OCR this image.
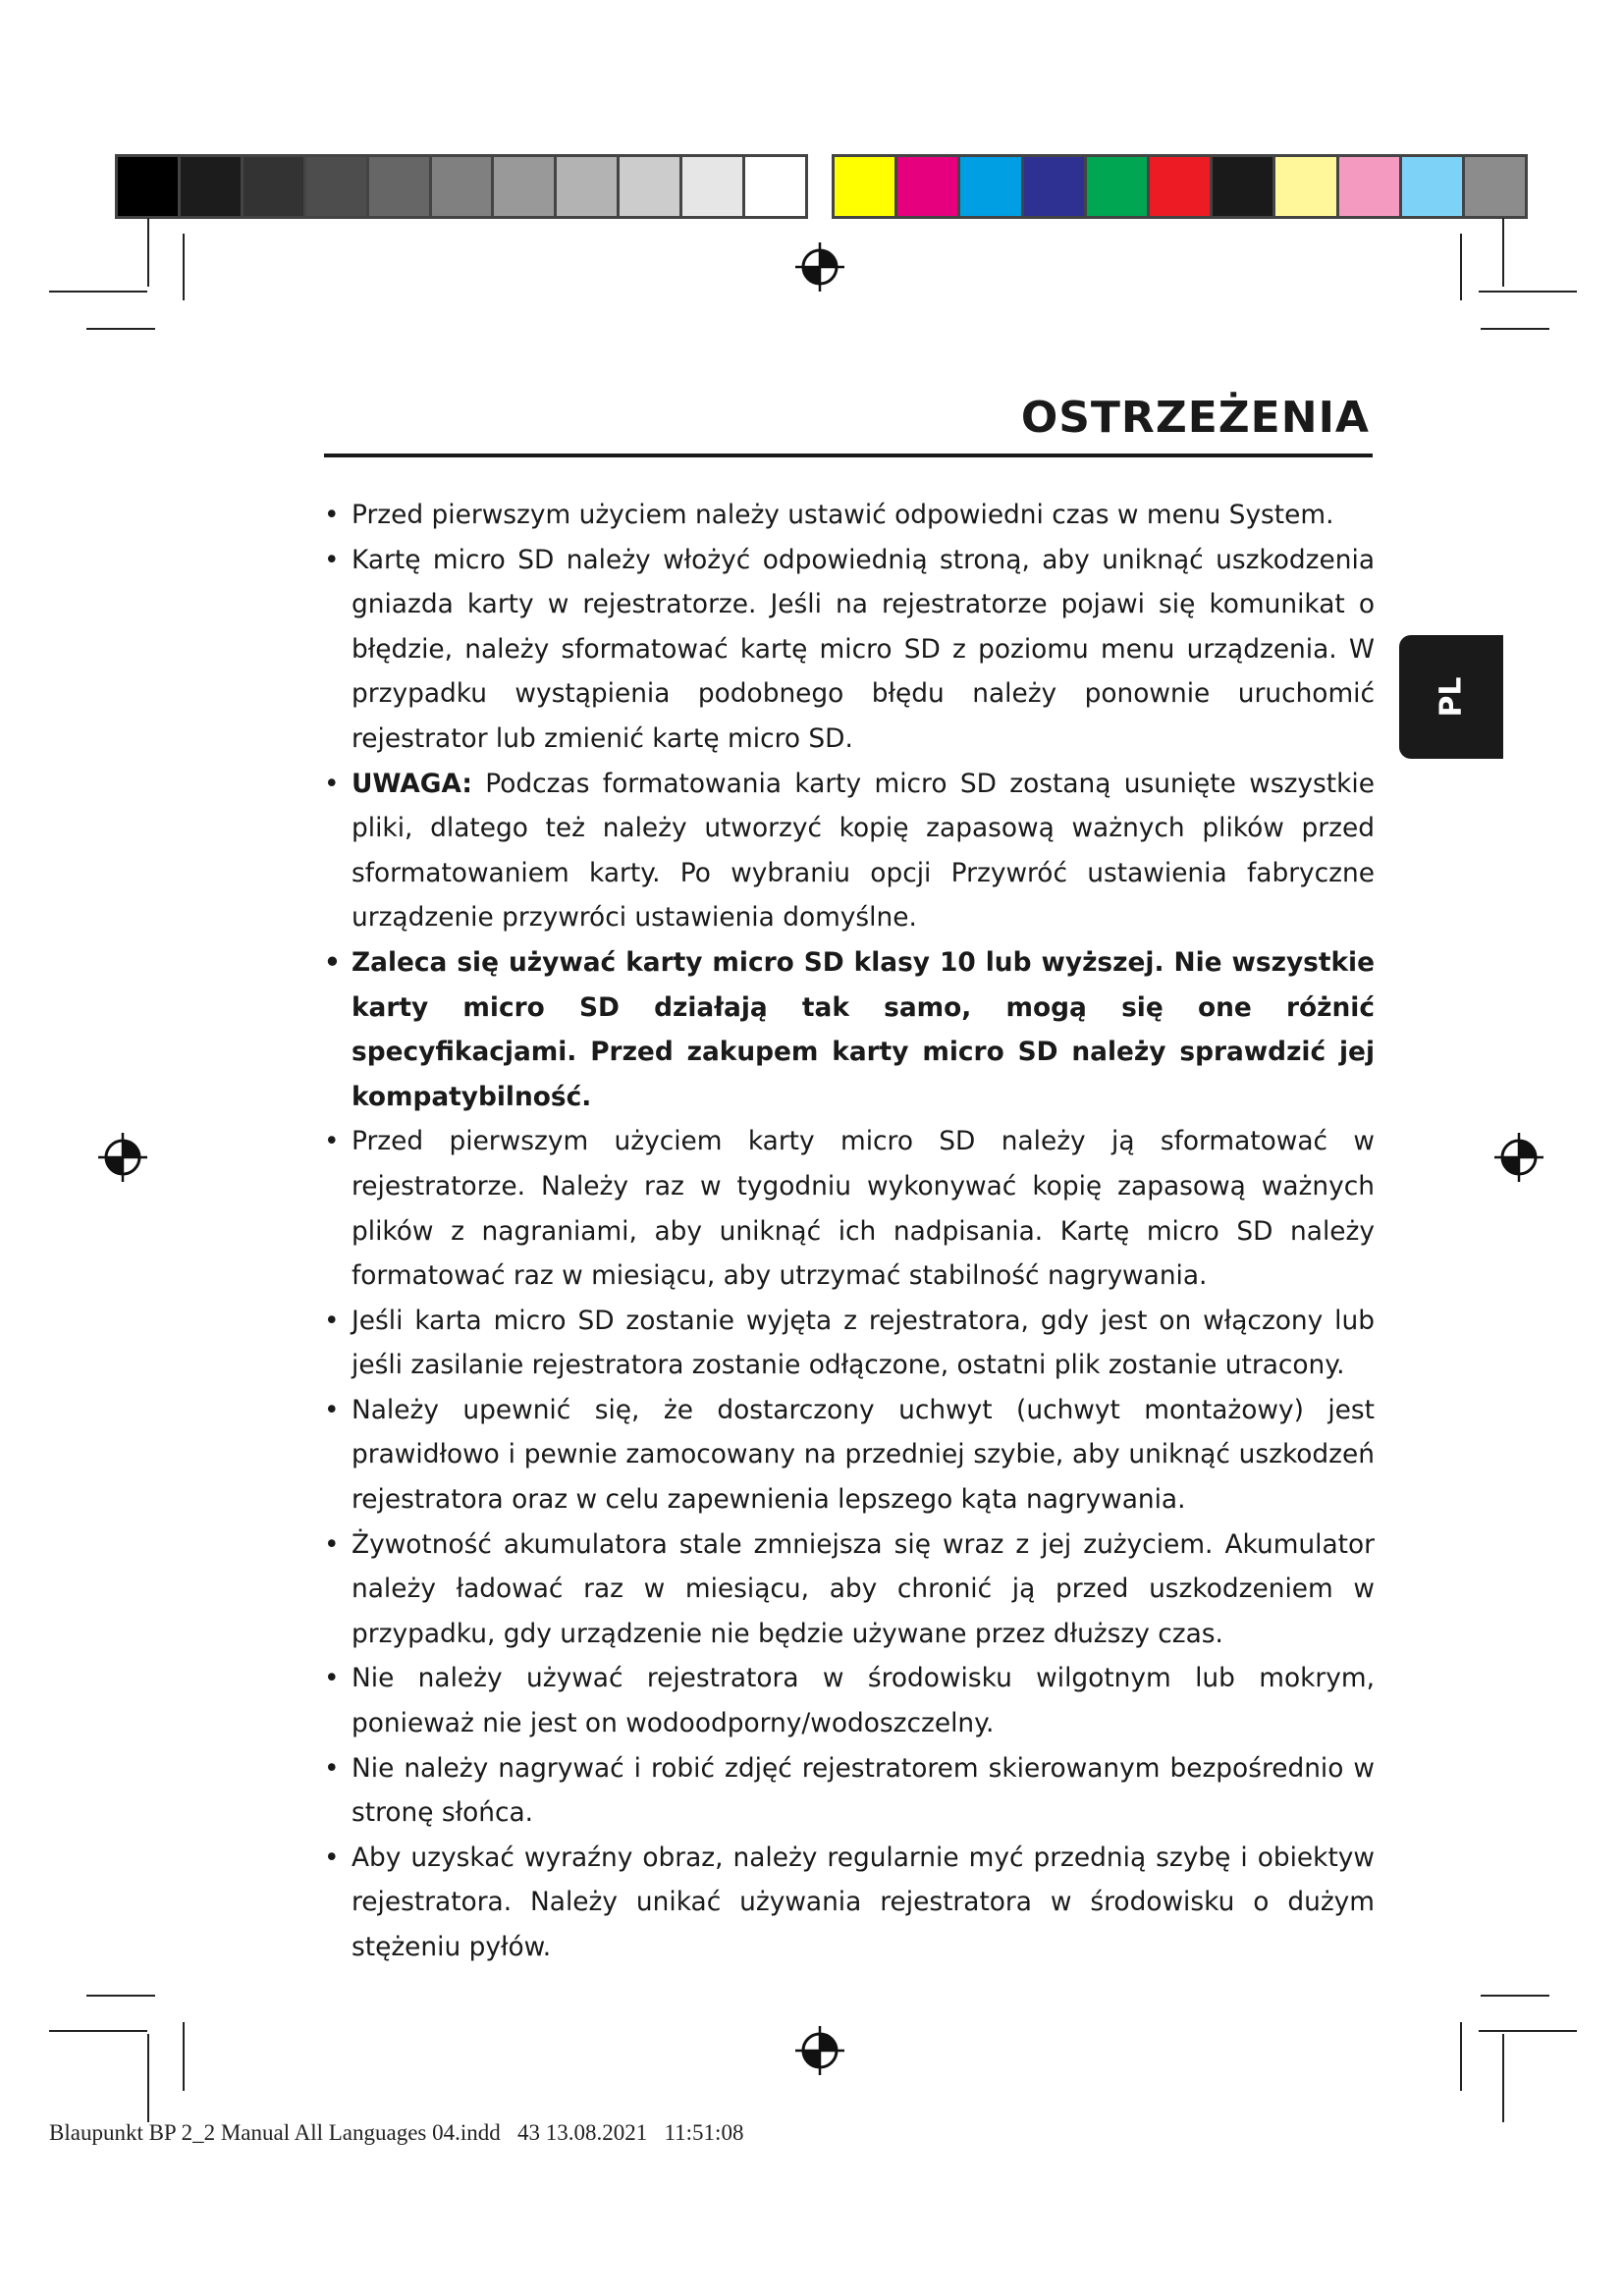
OSTRZEŻENIA
PL
• Przed pierwszym użyciem należy ustawić odpowiedni czas w menu System.
• Kartę micro SD należy włożyć odpowiednią stroną, aby uniknąć uszkodzenia gniazda karty w rejestratorze. Jeśli na rejestratorze pojawi się komunikat o błędzie, należy sformatować kartę micro SD z poziomu menu urządzenia. W przypadku wystąpienia podobnego błędu należy ponownie uruchomić rejestrator lub zmienić kartę micro SD.
• UWAGA: Podczas formatowania karty micro SD zostaną usunięte wszystkie pliki, dlatego też należy utworzyć kopię zapasową ważnych plików przed sformatowaniem karty. Po wybraniu opcji Przywróć ustawienia fabryczne urządzenie przywróci ustawienia domyślne.
• Zaleca się używać karty micro SD klasy 10 lub wyższej. Nie wszystkie karty micro SD działają tak samo, mogą się one różnić specyfikacjami. Przed zakupem karty micro SD należy sprawdzić jej kompatybilność.
• Przed pierwszym użyciem karty micro SD należy ją sformatować w rejestratorze. Należy raz w tygodniu wykonywać kopię zapasową ważnych plików z nagraniami, aby uniknąć ich nadpisania. Kartę micro SD należy formatować raz w miesiącu, aby utrzymać stabilność nagrywania.
• Jeśli karta micro SD zostanie wyjęta z rejestratora, gdy jest on włączony lub jeśli zasilanie rejestratora zostanie odłączone, ostatni plik zostanie utracony.
• Należy upewnić się, że dostarczony uchwyt (uchwyt montażowy) jest prawidłowo i pewnie zamocowany na przedniej szybie, aby uniknąć uszkodzeń rejestratora oraz w celu zapewnienia lepszego kąta nagrywania.
• Żywotność akumulatora stale zmniejsza się wraz z jej zużyciem. Akumulator należy ładować raz w miesiącu, aby chronić ją przed uszkodzeniem w przypadku, gdy urządzenie nie będzie używane przez dłuższy czas.
• Nie należy używać rejestratora w środowisku wilgotnym lub mokrym, ponieważ nie jest on wodoodporny/wodoszczelny.
• Nie należy nagrywać i robić zdjęć rejestratorem skierowanym bezpośrednio w stronę słońca.
• Aby uzyskać wyraźny obraz, należy regularnie myć przednią szybę i obiektyw rejestratora. Należy unikać używania rejestratora w środowisku o dużym stężeniu pyłów.
Blaupunkt BP 2_2 Manual All Languages 04.indd 43 13.08.2021 11:51:08
